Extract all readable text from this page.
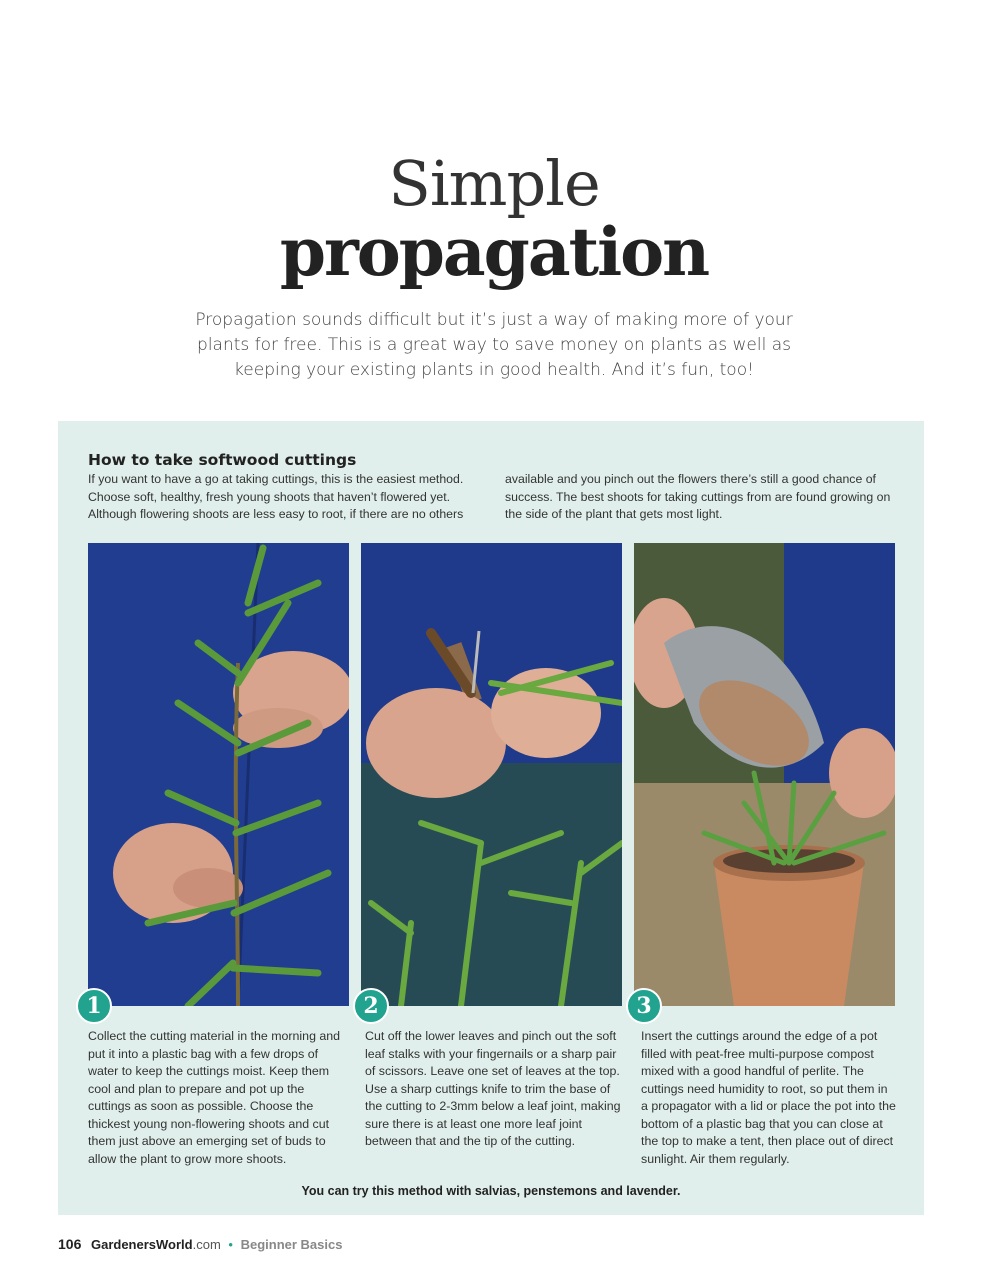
Simple
propagation

Propagation sounds difficult but it’s just a way of making more of your plants for free. This is a great way to save money on plants as well as keeping your existing plants in good health. And it’s fun, too!

How to take softwood cuttings

If you want to have a go at taking cuttings, this is the easiest method. Choose soft, healthy, fresh young shoots that haven’t flowered yet. Although flowering shoots are less easy to root, if there are no others

available and you pinch out the flowers there’s still a good chance of success. The best shoots for taking cuttings from are found growing on the side of the plant that gets most light.

1	2	3

Collect the cutting material in the morning and put it into a plastic bag with a few drops of water to keep the cuttings moist. Keep them cool and plan to prepare and pot up the cuttings as soon as possible. Choose the thickest young non-flowering shoots and cut them just above an emerging set of buds to allow the plant to grow more shoots.

Cut off the lower leaves and pinch out the soft leaf stalks with your fingernails or a sharp pair of scissors. Leave one set of leaves at the top. Use a sharp cuttings knife to trim the base of the cutting to 2-3mm below a leaf joint, making sure there is at least one more leaf joint between that and the tip of the cutting.

Insert the cuttings around the edge of a pot filled with peat-free multi-purpose compost mixed with a good handful of perlite. The cuttings need humidity to root, so put them in a propagator with a lid or place the pot into the bottom of a plastic bag that you can close at the top to make a tent, then place out of direct sunlight. Air them regularly.

You can try this method with salvias, penstemons and lavender.
106 GardenersWorld.com • Beginner Basics
